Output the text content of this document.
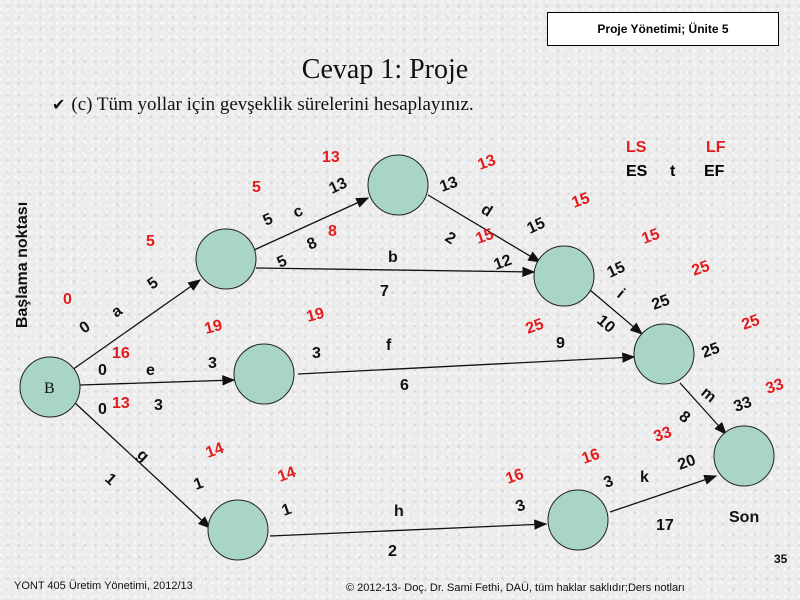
Proje Yönetimi; Ünite 5
Cevap 1: Proje
✔ (c) Tüm yollar için gevşeklik sürelerini hesaplayınız.
Başlama noktası
B
Son
LS	LF
ES t EF
0
0
a
5
16
0 e
13
0	3
g
1
5
13
5 c
13
8
8
5
5	b
7
13
13
d
2
15
15
15
12
15
15
i
10
25
25
19
19
3
3	f
6
25
9
25
25
m
8
33
33
33
14
14
1
1	h
2
16
16
3
3 k
20
17
YONT 405 Üretim Yönetimi, 2012/13	© 2012-13- Doç. Dr. Sami Fethi, DAÜ, tüm haklar saklıdır;Ders notları
35
